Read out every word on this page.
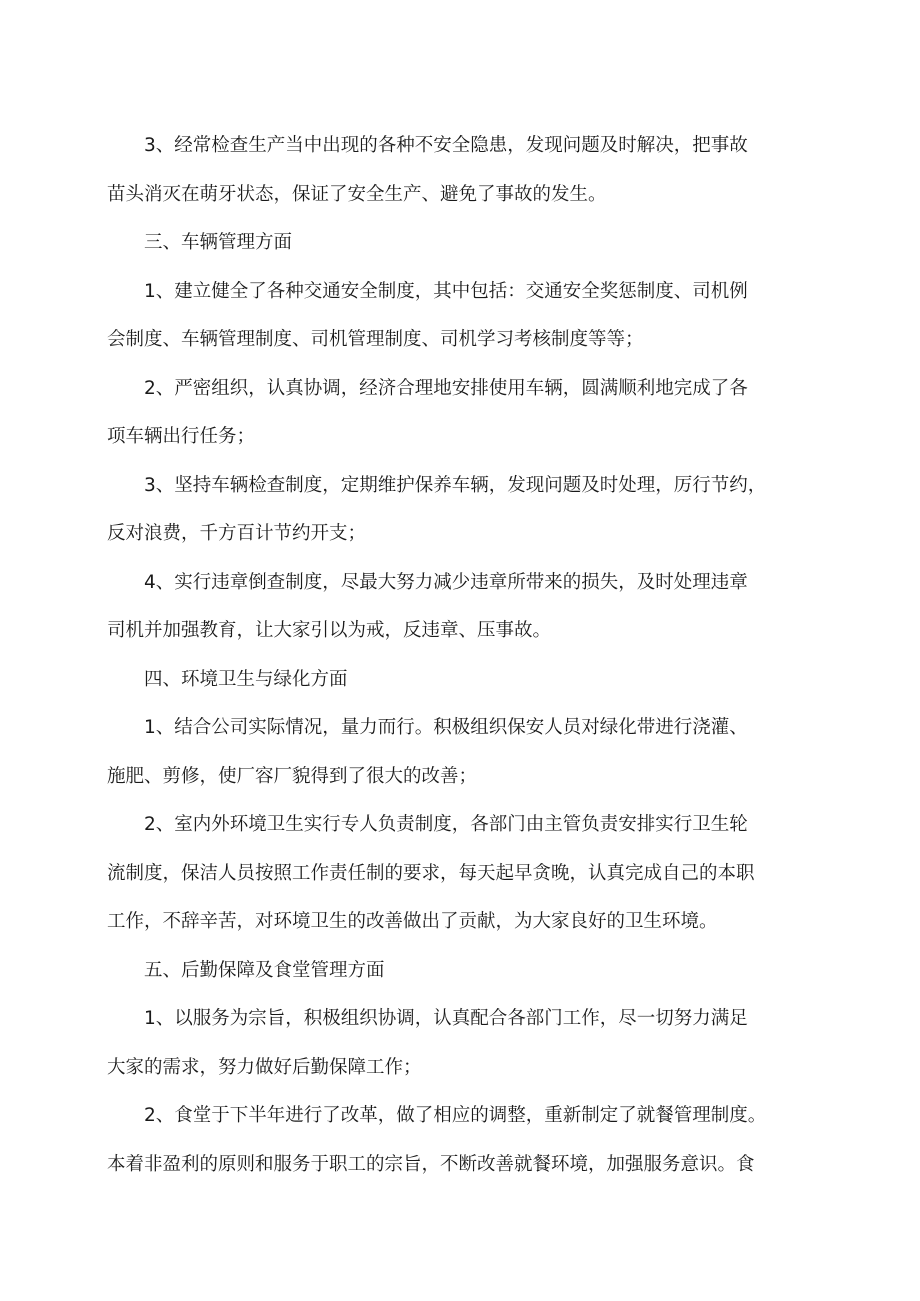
3、经常检查生产当中出现的各种不安全隐患，发现问题及时解决，把事故
苗头消灭在萌牙状态，保证了安全生产、避免了事故的发生。
三、车辆管理方面
1、建立健全了各种交通安全制度，其中包括：交通安全奖惩制度、司机例
会制度、车辆管理制度、司机管理制度、司机学习考核制度等等；
2、严密组织，认真协调，经济合理地安排使用车辆，圆满顺利地完成了各
项车辆出行任务；
3、坚持车辆检查制度，定期维护保养车辆，发现问题及时处理，厉行节约，
反对浪费，千方百计节约开支；
4、实行违章倒查制度，尽最大努力减少违章所带来的损失，及时处理违章
司机并加强教育，让大家引以为戒，反违章、压事故。
四、环境卫生与绿化方面
1、结合公司实际情况，量力而行。积极组织保安人员对绿化带进行浇灌、
施肥、剪修，使厂容厂貌得到了很大的改善；
2、室内外环境卫生实行专人负责制度，各部门由主管负责安排实行卫生轮
流制度，保洁人员按照工作责任制的要求，每天起早贪晚，认真完成自己的本职
工作，不辞辛苦，对环境卫生的改善做出了贡献，为大家良好的卫生环境。
五、后勤保障及食堂管理方面
1、以服务为宗旨，积极组织协调，认真配合各部门工作，尽一切努力满足
大家的需求，努力做好后勤保障工作；
2、食堂于下半年进行了改革，做了相应的调整，重新制定了就餐管理制度。
本着非盈利的原则和服务于职工的宗旨，不断改善就餐环境，加强服务意识。食
